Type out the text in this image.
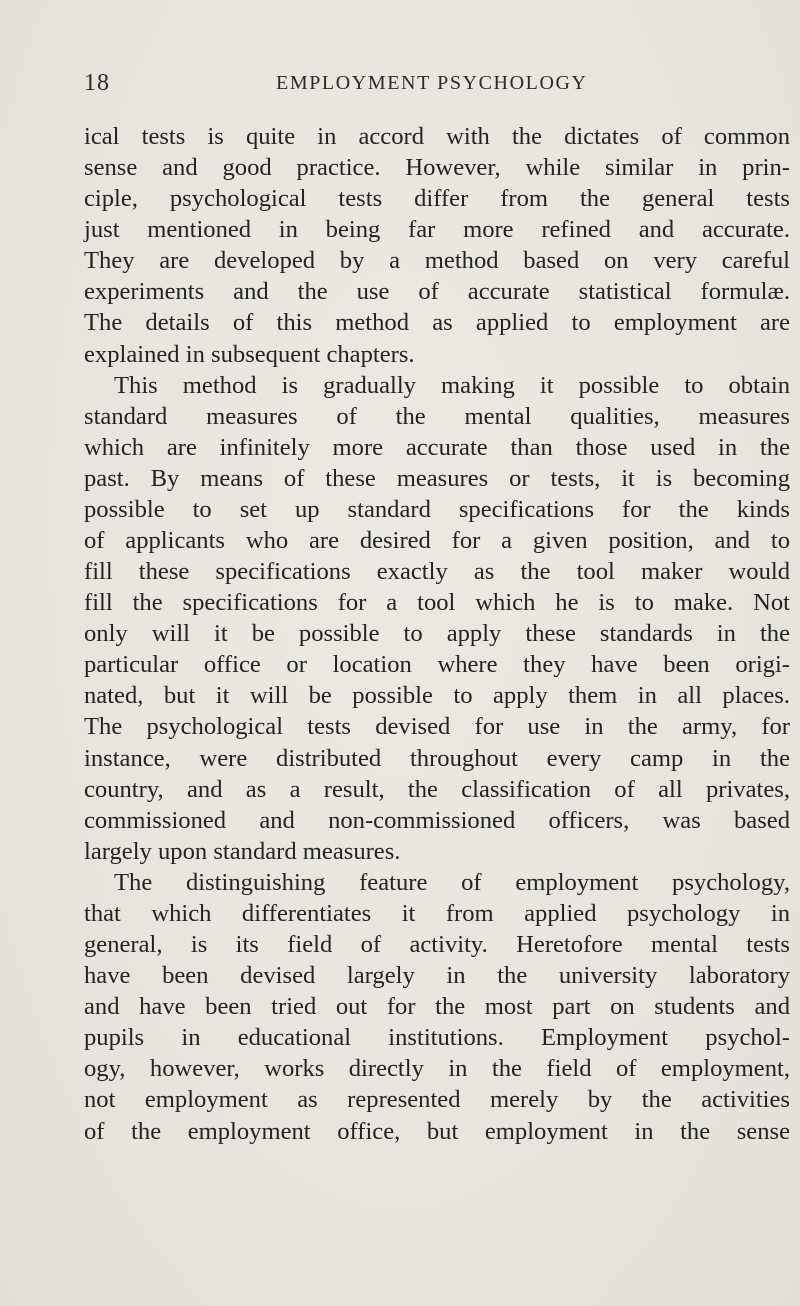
18	EMPLOYMENT PSYCHOLOGY
ical tests is quite in accord with the dictates of common
sense and good practice. However, while similar in prin-
ciple, psychological tests differ from the general tests
just mentioned in being far more refined and accurate.
They are developed by a method based on very careful
experiments and the use of accurate statistical formulæ.
The details of this method as applied to employment are
explained in subsequent chapters.
This method is gradually making it possible to obtain
standard measures of the mental qualities, measures
which are infinitely more accurate than those used in the
past. By means of these measures or tests, it is becoming
possible to set up standard specifications for the kinds
of applicants who are desired for a given position, and to
fill these specifications exactly as the tool maker would
fill the specifications for a tool which he is to make. Not
only will it be possible to apply these standards in the
particular office or location where they have been origi-
nated, but it will be possible to apply them in all places.
The psychological tests devised for use in the army, for
instance, were distributed throughout every camp in the
country, and as a result, the classification of all privates,
commissioned and non-commissioned officers, was based
largely upon standard measures.
The distinguishing feature of employment psychology,
that which differentiates it from applied psychology in
general, is its field of activity. Heretofore mental tests
have been devised largely in the university laboratory
and have been tried out for the most part on students and
pupils in educational institutions. Employment psychol-
ogy, however, works directly in the field of employment,
not employment as represented merely by the activities
of the employment office, but employment in the sense
